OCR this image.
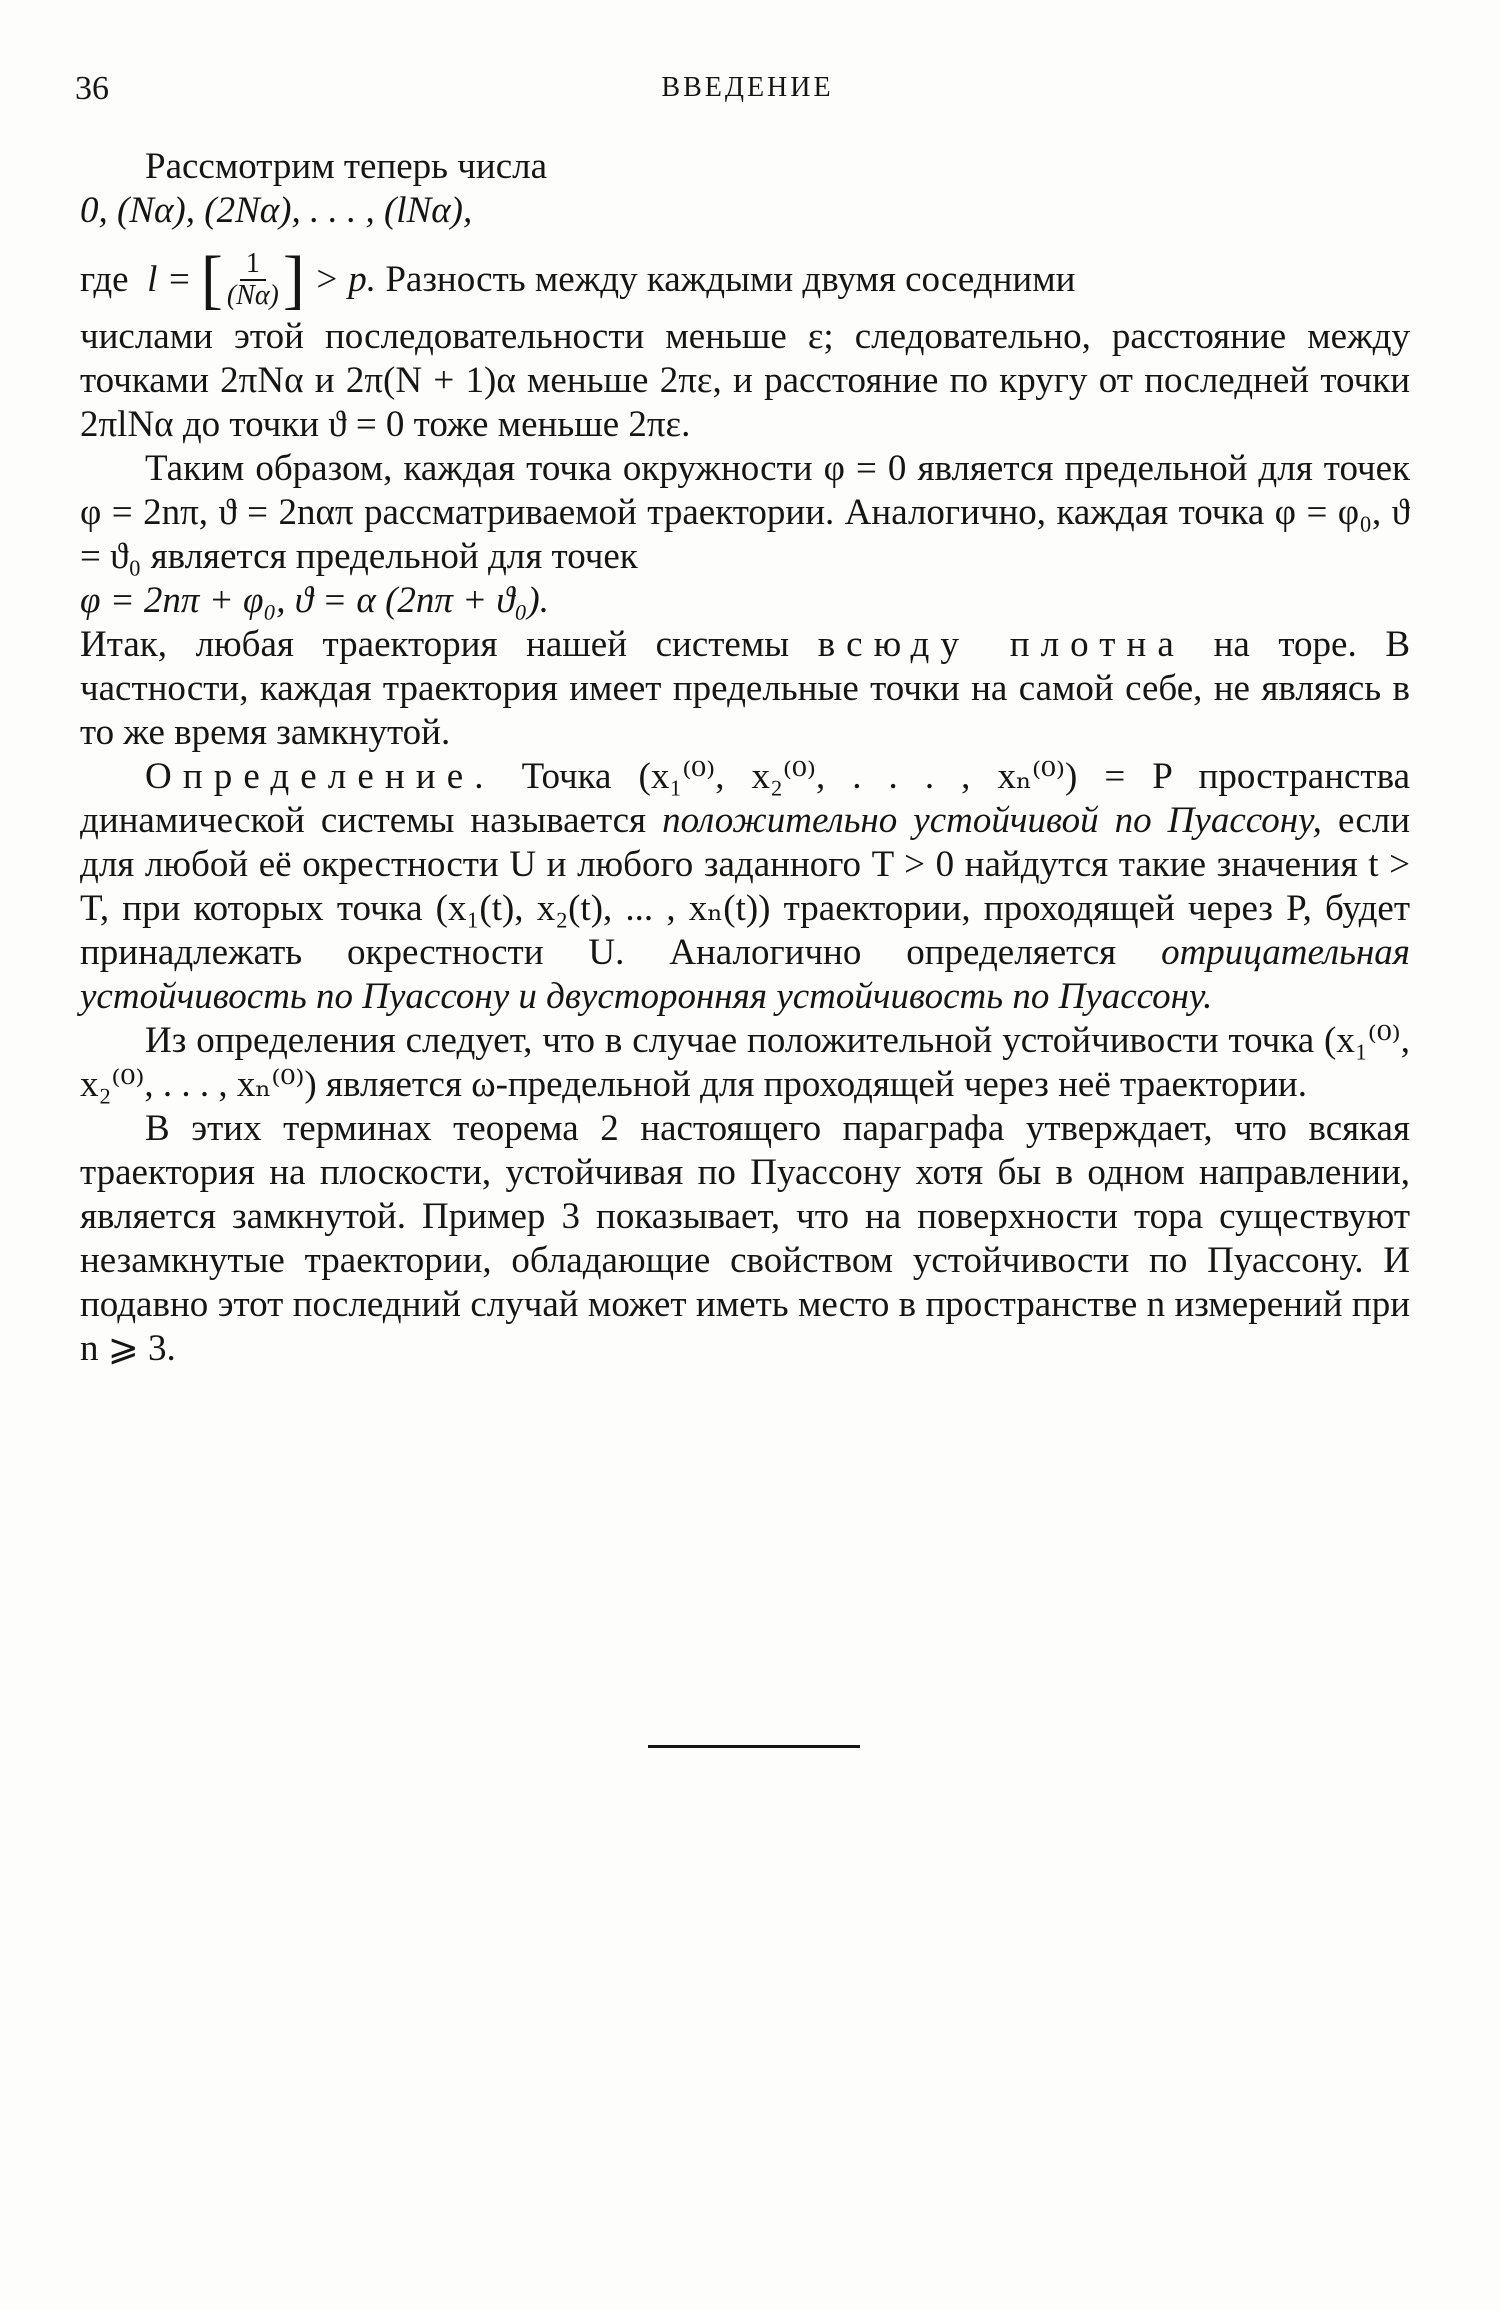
36	ВВЕДЕНИЕ

Рассмотрим теперь числа

0, (Nα), (2Nα), . . . , (lNα),

где
l =
[ $\frac{1}{(N\alpha)}$ ]
> p.
Разность между каждыми двумя соседними

числами этой последовательности меньше ε; следовательно, расстояние между точками 2πNα и 2π(N + 1)α меньше 2πε, и расстояние по кругу от последней точки 2πlNα до точки ϑ = 0 тоже меньше 2πε.

Таким образом, каждая точка окружности φ = 0 является предельной для точек φ = 2nπ, ϑ = 2nαπ рассматриваемой траектории. Аналогично, каждая точка φ = φ₀, ϑ = ϑ₀ является предельной для точек

φ = 2nπ + φ₀, ϑ = α (2nπ + ϑ₀).

Итак, любая траектория нашей системы всюду плотна на торе. В частности, каждая траектория имеет предельные точки на самой себе, не являясь в то же время замкнутой.

Определение. Точка (x₁⁽⁰⁾, x₂⁽⁰⁾, . . . , xₙ⁽⁰⁾) = P пространства динамической системы называется положительно устойчивой по Пуассону, если для любой её окрестности U и любого заданного T > 0 найдутся такие значения t > T, при которых точка (x₁(t), x₂(t), ... , xₙ(t)) траектории, проходящей через P, будет принадлежать окрестности U. Аналогично определяется отрицательная устойчивость по Пуассону и двусторонняя устойчивость по Пуассону.

Из определения следует, что в случае положительной устойчивости точка (x₁⁽⁰⁾, x₂⁽⁰⁾, . . . , xₙ⁽⁰⁾) является ω-предельной для проходящей через неё траектории.

В этих терминах теорема 2 настоящего параграфа утверждает, что всякая траектория на плоскости, устойчивая по Пуассону хотя бы в одном направлении, является замкнутой. Пример 3 показывает, что на поверхности тора существуют незамкнутые траектории, обладающие свойством устойчивости по Пуассону. И подавно этот последний случай может иметь место в пространстве n измерений при n ⩾ 3.
